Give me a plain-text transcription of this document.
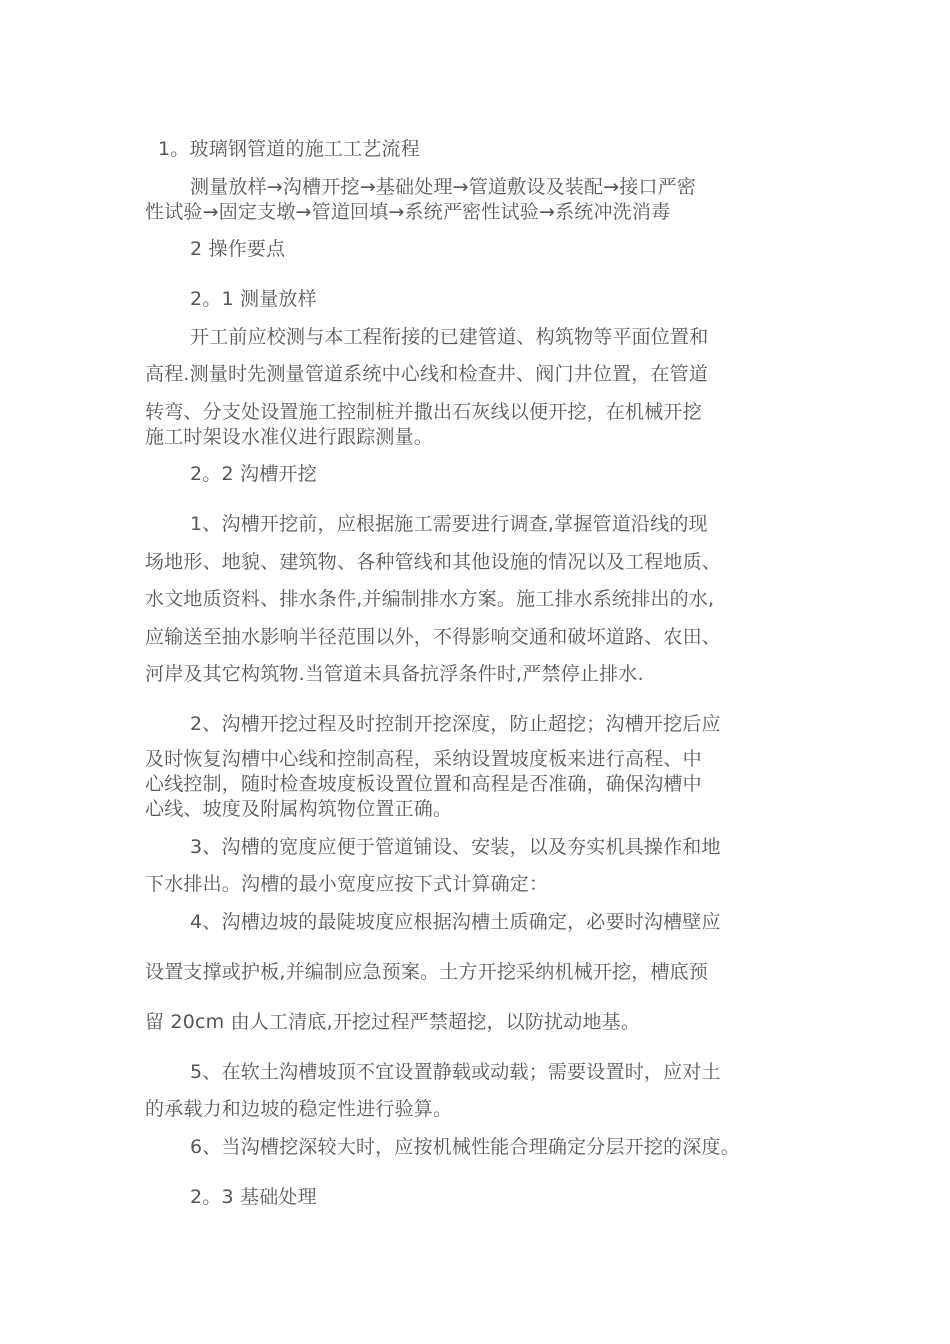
1。玻璃钢管道的施工工艺流程
测量放样→沟槽开挖→基础处理→管道敷设及装配→接口严密
性试验→固定支墩→管道回填→系统严密性试验→系统冲洗消毒
2 操作要点
2。1 测量放样
开工前应校测与本工程衔接的已建管道、构筑物等平面位置和
高程.测量时先测量管道系统中心线和检查井、阀门井位置，在管道
转弯、分支处设置施工控制桩并撒出石灰线以便开挖，在机械开挖
施工时架设水准仪进行跟踪测量。
2。2 沟槽开挖
1、沟槽开挖前，应根据施工需要进行调查,掌握管道沿线的现
场地形、地貌、建筑物、各种管线和其他设施的情况以及工程地质、
水文地质资料、排水条件,并编制排水方案。施工排水系统排出的水,
应输送至抽水影响半径范围以外，不得影响交通和破坏道路、农田、
河岸及其它构筑物.当管道未具备抗浮条件时,严禁停止排水.
2、沟槽开挖过程及时控制开挖深度，防止超挖；沟槽开挖后应
及时恢复沟槽中心线和控制高程，采纳设置坡度板来进行高程、中
心线控制，随时检查坡度板设置位置和高程是否准确，确保沟槽中
心线、坡度及附属构筑物位置正确。
3、沟槽的宽度应便于管道铺设、安装，以及夯实机具操作和地
下水排出。沟槽的最小宽度应按下式计算确定：
4、沟槽边坡的最陡坡度应根据沟槽土质确定，必要时沟槽壁应
设置支撑或护板,并编制应急预案。土方开挖采纳机械开挖，槽底预
留 20cm 由人工清底,开挖过程严禁超挖，以防扰动地基。
5、在软土沟槽坡顶不宜设置静载或动载；需要设置时，应对土
的承载力和边坡的稳定性进行验算。
6、当沟槽挖深较大时，应按机械性能合理确定分层开挖的深度。
2。3 基础处理
